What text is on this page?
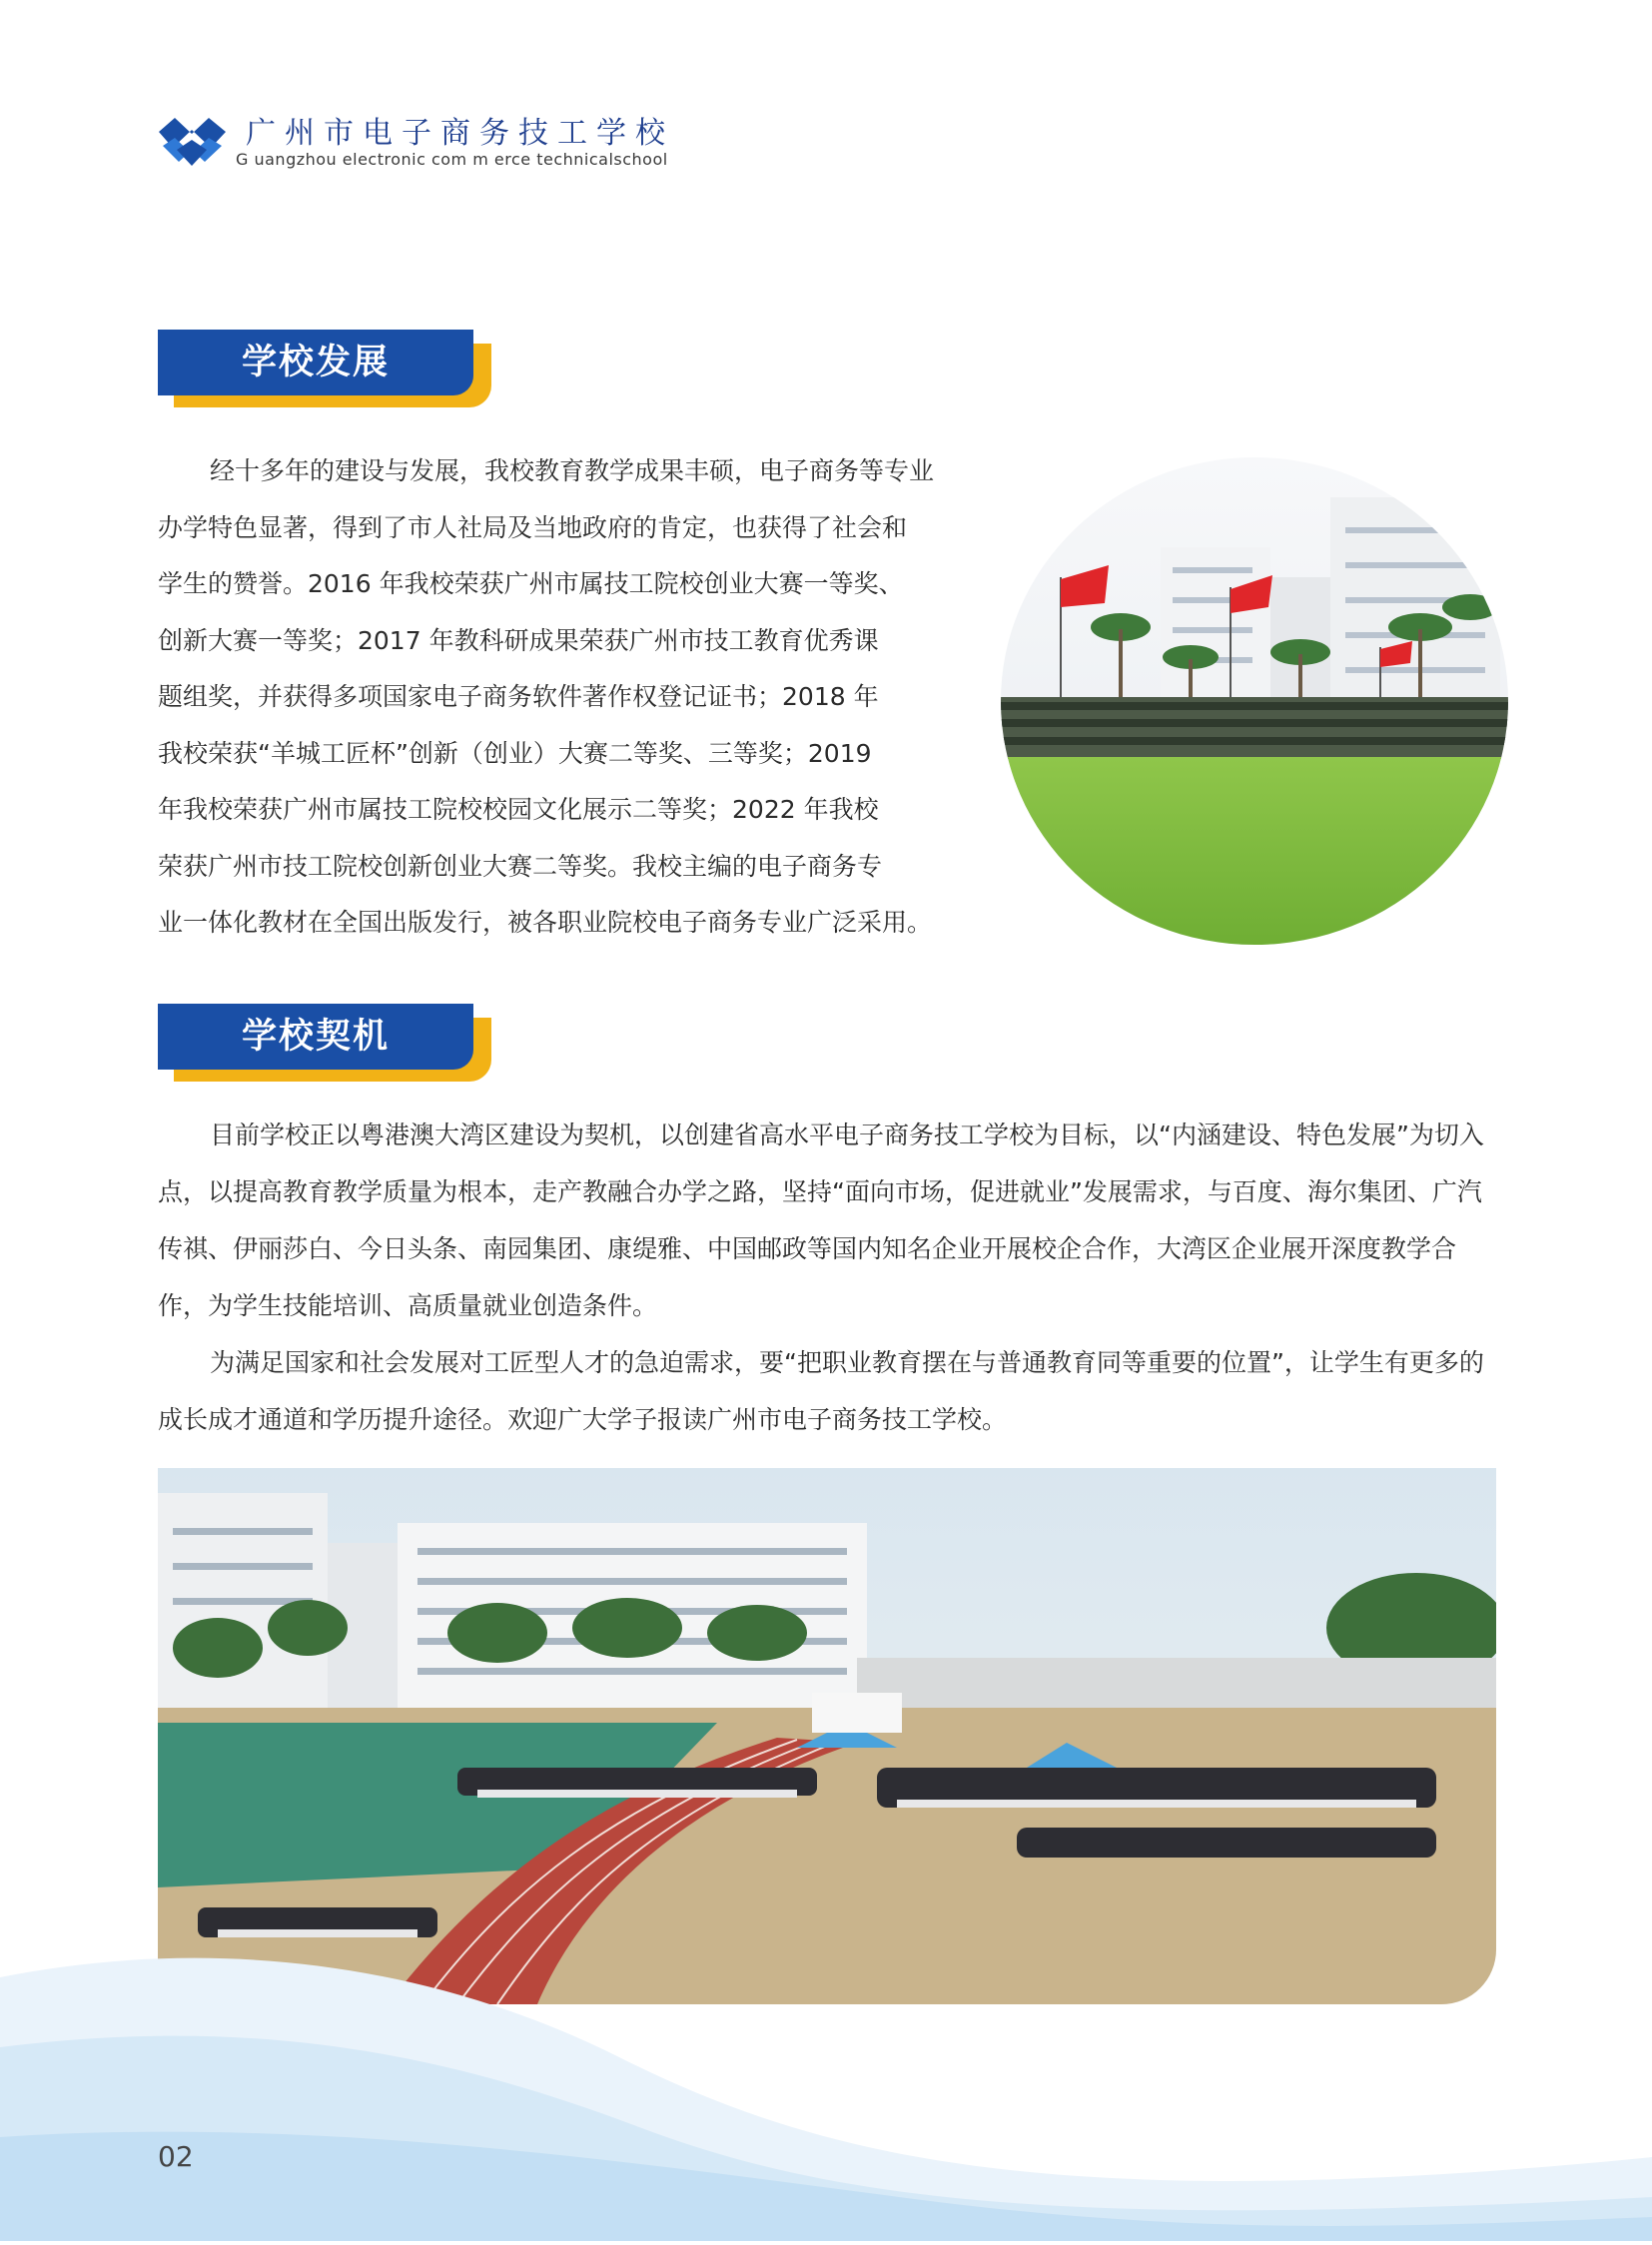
广州市电子商务技工学校
G uangzhou electronic com m erce technicalschool
学校发展
经十多年的建设与发展，我校教育教学成果丰硕，电子商务等专业
办学特色显著，得到了市人社局及当地政府的肯定，也获得了社会和
学生的赞誉。2016 年我校荣获广州市属技工院校创业大赛一等奖、
创新大赛一等奖；2017 年教科研成果荣获广州市技工教育优秀课
题组奖，并获得多项国家电子商务软件著作权登记证书；2018 年
我校荣获“羊城工匠杯”创新（创业）大赛二等奖、三等奖；2019
年我校荣获广州市属技工院校校园文化展示二等奖；2022 年我校
荣获广州市技工院校创新创业大赛二等奖。我校主编的电子商务专
业一体化教材在全国出版发行，被各职业院校电子商务专业广泛采用。
学校契机

目前学校正以粤港澳大湾区建设为契机，以创建省高水平电子商务技工学校为目标，以“内涵建设、特色发展”为切入点，以提高教育教学质量为根本，走产教融合办学之路，坚持“面向市场，促进就业”发展需求，与百度、海尔集团、广汽传祺、伊丽莎白、今日头条、南园集团、康缇雅、中国邮政等国内知名企业开展校企合作，大湾区企业展开深度教学合作，为学生技能培训、高质量就业创造条件。

为满足国家和社会发展对工匠型人才的急迫需求，要“把职业教育摆在与普通教育同等重要的位置”，让学生有更多的成长成才通道和学历提升途径。欢迎广大学子报读广州市电子商务技工学校。

02
